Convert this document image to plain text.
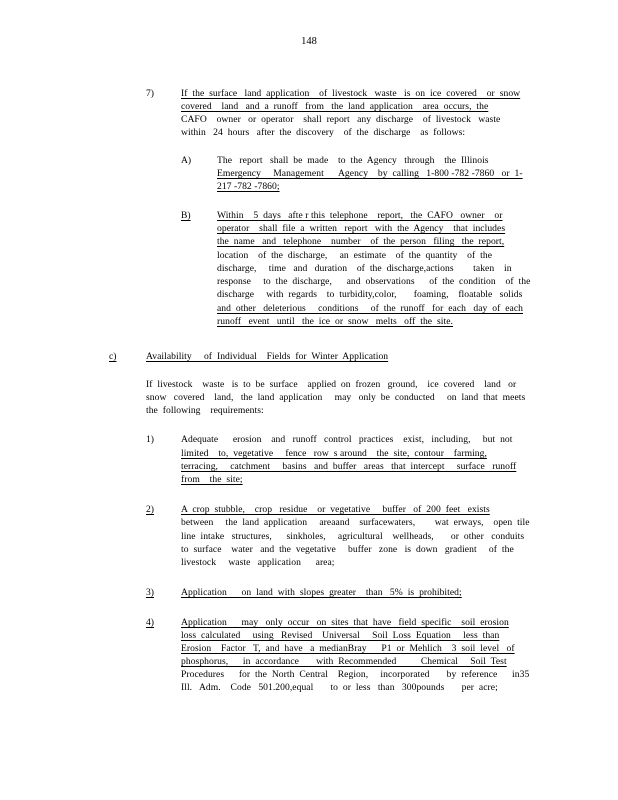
148
7)	If  the  surface   land  application    of  livestock   waste   is  on  ice  covered    or  snow
covered    land   and  a  runoff   from   the  land  application    area  occurs,  the
CAFO    owner   or  operator    shall  report   any  discharge    of  livestock   waste
within   24  hours   after  the  discovery    of  the  discharge    as  follows:
A)	The   report   shall  be  made    to  the  Agency   through    the  Illinois
Emergency     Management      Agency    by  calling   1-800 -782 -7860   or  1-
217 -782 -7860;
B)	Within    5  days   afte r this  telephone    report,   the  CAFO   owner    or
operator    shall  file  a  written   report   with  the  Agency    that  includes
the  name   and   telephone    number    of  the  person   filing   the  report,
location    of  the  discharge,     an  estimate    of  the  quantity    of  the
discharge,     time   and   duration    of  the  discharge,actions        taken    in
response     to  the  discharge,      and  observations      of  the  condition    of  the
discharge     with  regards    to  turbidity,color,       foaming,    floatable   solids
and  other   deleterious     conditions     of  the  runoff   for  each   day  of  each
runoff   event   until   the  ice  or  snow   melts   off  the  site.
c)	Availability     of  Individual    Fields  for  Winter  Application
If  livestock    waste   is  to  be  surface    applied  on  frozen   ground,    ice  covered    land   or
snow   covered    land,   the  land  application     may   only  be  conducted     on  land  that  meets
the  following    requirements:
1)	Adequate      erosion    and   runoff   control   practices    exist,   including,     but  not
limited    to,  vegetative     fence   row  s around    the  site,  contour    farming,
terracing,     catchment     basins   and  buffer   areas   that  intercept     surface   runoff
from    the  site;
2)	A  crop  stubble,    crop   residue    or  vegetative     buffer   of  200  feet   exists
between     the  land  application     areaand    surfacewaters,        wat  erways,    open  tile
line  intake   structures,      sinkholes,     agricultural    wellheads,       or  other   conduits
to  surface    water   and  the  vegetative     buffer   zone   is  down   gradient     of  the
livestock     waste   application      area;
3)	Application      on  land  with  slopes  greater    than   5%  is  prohibited;
4)	Application      may   only  occur   on  sites  that  have   field  specific    soil  erosion
loss  calculated     using   Revised    Universal     Soil  Loss  Equation     less  than
Erosion    Factor   T,  and  have   a  medianBray      P1  or  Mehlich    3  soil  level   of
phosphorus,      in  accordance       with  Recommended          Chemical     Soil  Test
Procedures      for  the  North  Central    Region,     incorporated       by  reference      in35
Ill.   Adm.    Code   501.200,equal       to  or  less   than   300pounds       per  acre;
